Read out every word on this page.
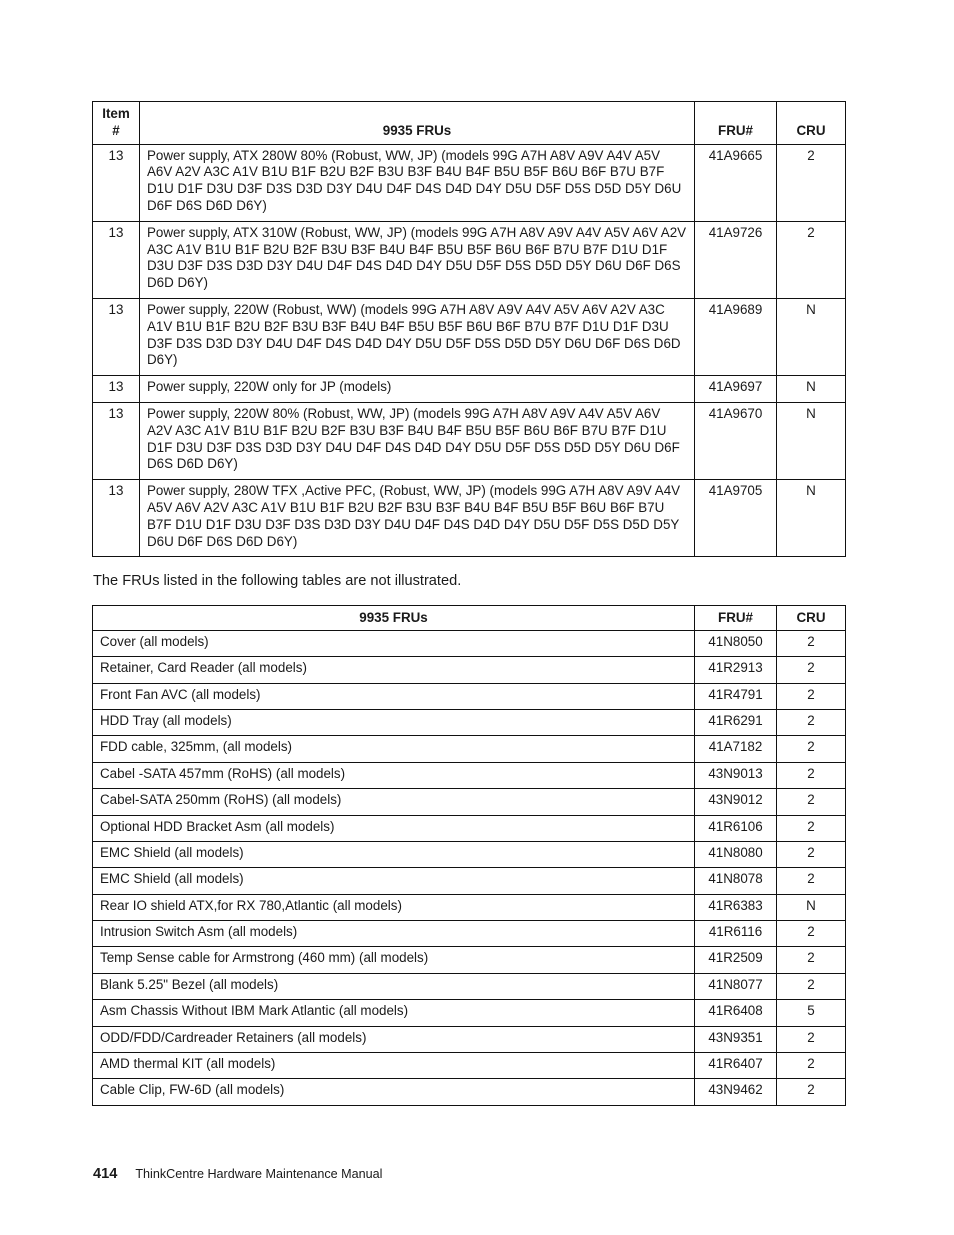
Item #	9935 FRUs	FRU#	CRU
13	Power supply, ATX 280W 80% (Robust, WW, JP) (models 99G A7H A8V A9V A4V A5V A6V A2V A3C A1V B1U B1F B2U B2F B3U B3F B4U B4F B5U B5F B6U B6F B7U B7F D1U D1F D3U D3F D3S D3D D3Y D4U D4F D4S D4D D4Y D5U D5F D5S D5D D5Y D6U D6F D6S D6D D6Y)	41A9665	2
13	Power supply, ATX 310W (Robust, WW, JP) (models 99G A7H A8V A9V A4V A5V A6V A2V A3C A1V B1U B1F B2U B2F B3U B3F B4U B4F B5U B5F B6U B6F B7U B7F D1U D1F D3U D3F D3S D3D D3Y D4U D4F D4S D4D D4Y D5U D5F D5S D5D D5Y D6U D6F D6S D6D D6Y)	41A9726	2
13	Power supply, 220W (Robust, WW) (models 99G A7H A8V A9V A4V A5V A6V A2V A3C A1V B1U B1F B2U B2F B3U B3F B4U B4F B5U B5F B6U B6F B7U B7F D1U D1F D3U D3F D3S D3D D3Y D4U D4F D4S D4D D4Y D5U D5F D5S D5D D5Y D6U D6F D6S D6D D6Y)	41A9689	N
13	Power supply, 220W only for JP (models)	41A9697	N
13	Power supply, 220W 80% (Robust, WW, JP) (models 99G A7H A8V A9V A4V A5V A6V A2V A3C A1V B1U B1F B2U B2F B3U B3F B4U B4F B5U B5F B6U B6F B7U B7F D1U D1F D3U D3F D3S D3D D3Y D4U D4F D4S D4D D4Y D5U D5F D5S D5D D5Y D6U D6F D6S D6D D6Y)	41A9670	N
13	Power supply, 280W TFX ,Active PFC, (Robust, WW, JP) (models 99G A7H A8V A9V A4V A5V A6V A2V A3C A1V B1U B1F B2U B2F B3U B3F B4U B4F B5U B5F B6U B6F B7U B7F D1U D1F D3U D3F D3S D3D D3Y D4U D4F D4S D4D D4Y D5U D5F D5S D5D D5Y D6U D6F D6S D6D D6Y)	41A9705	N

The FRUs listed in the following tables are not illustrated.

9935 FRUs	FRU#	CRU
Cover (all models)	41N8050	2
Retainer, Card Reader (all models)	41R2913	2
Front Fan AVC (all models)	41R4791	2
HDD Tray (all models)	41R6291	2
FDD cable, 325mm, (all models)	41A7182	2
Cabel -SATA 457mm (RoHS) (all models)	43N9013	2
Cabel-SATA 250mm (RoHS) (all models)	43N9012	2
Optional HDD Bracket Asm (all models)	41R6106	2
EMC Shield (all models)	41N8080	2
EMC Shield (all models)	41N8078	2
Rear IO shield ATX,for RX 780,Atlantic (all models)	41R6383	N
Intrusion Switch Asm (all models)	41R6116	2
Temp Sense cable for Armstrong (460 mm) (all models)	41R2509	2
Blank 5.25" Bezel (all models)	41N8077	2
Asm Chassis Without IBM Mark Atlantic (all models)	41R6408	5
ODD/FDD/Cardreader Retainers (all models)	43N9351	2
AMD thermal KIT (all models)	41R6407	2
Cable Clip, FW-6D (all models)	43N9462	2
414 ThinkCentre Hardware Maintenance Manual
